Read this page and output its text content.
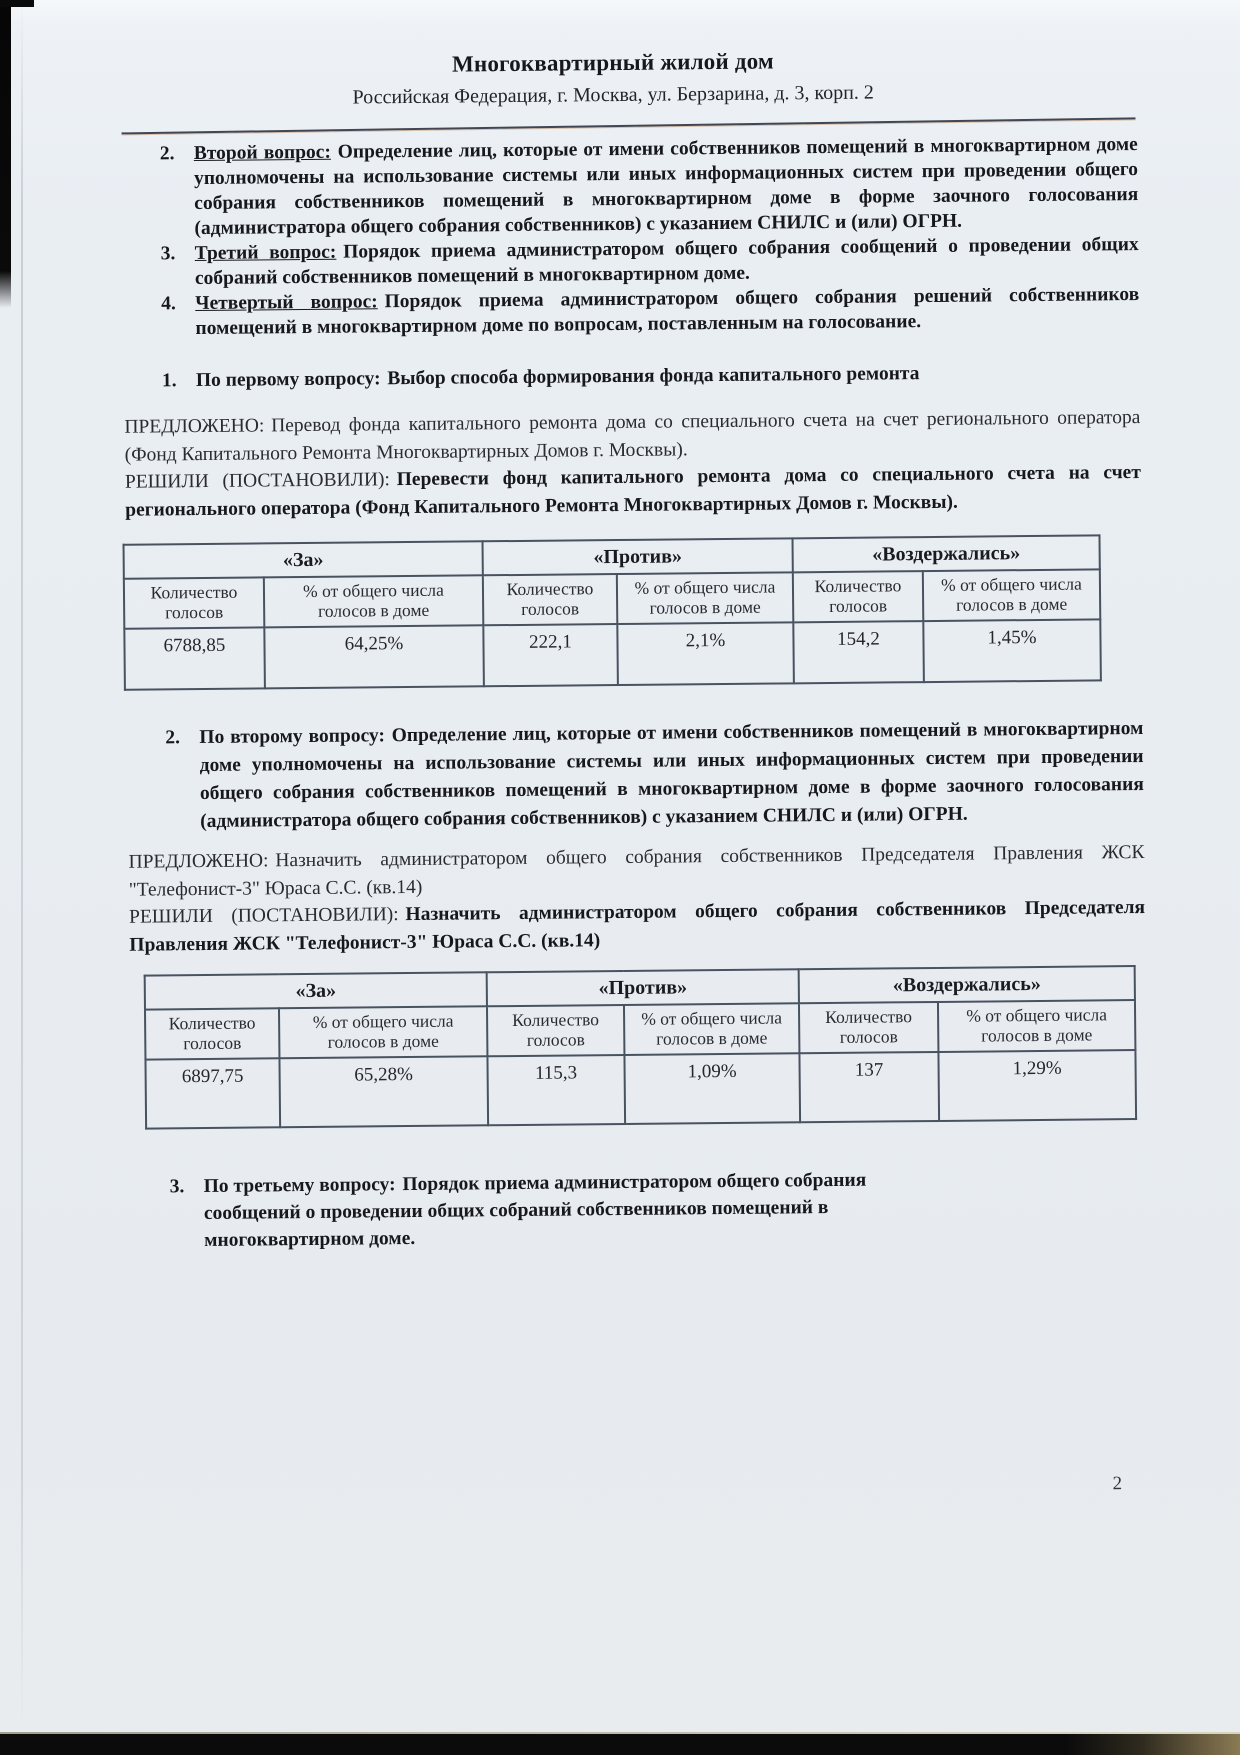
Многоквартирный жилой дом
Российская Федерация, г. Москва, ул. Берзарина, д. 3, корп. 2
2. Второй вопрос: Определение лиц, которые от имени собственников помещений в многоквартирном доме уполномочены на использование системы или иных информационных систем при проведении общего собрания собственников помещений в многоквартирном доме в форме заочного голосования (администратора общего собрания собственников) с указанием СНИЛС и (или) ОГРН.
3. Третий вопрос: Порядок приема администратором общего собрания сообщений о проведении общих собраний собственников помещений в многоквартирном доме.
4. Четвертый вопрос: Порядок приема администратором общего собрания решений собственников помещений в многоквартирном доме по вопросам, поставленным на голосование.
1. По первому вопросу: Выбор способа формирования фонда капитального ремонта
ПРЕДЛОЖЕНО: Перевод фонда капитального ремонта дома со специального счета на счет регионального оператора (Фонд Капитального Ремонта Многоквартирных Домов г. Москвы).
РЕШИЛИ (ПОСТАНОВИЛИ): Перевести фонд капитального ремонта дома со специального счета на счет регионального оператора (Фонд Капитального Ремонта Многоквартирных Домов г. Москвы).
«За»		«Против»		«Воздержались»	
Количество голосов	% от общего числа голосов в доме	Количество голосов	% от общего числа голосов в доме	Количество голосов	% от общего числа голосов в доме
6788,85	64,25%	222,1	2,1%	154,2	1,45%
2. По второму вопросу: Определение лиц, которые от имени собственников помещений в многоквартирном доме уполномочены на использование системы или иных информационных систем при проведении общего собрания собственников помещений в многоквартирном доме в форме заочного голосования (администратора общего собрания собственников) с указанием СНИЛС и (или) ОГРН.
ПРЕДЛОЖЕНО: Назначить администратором общего собрания собственников Председателя Правления ЖСК "Телефонист-3" Юраса С.С. (кв.14)
РЕШИЛИ (ПОСТАНОВИЛИ): Назначить администратором общего собрания собственников Председателя Правления ЖСК "Телефонист-3" Юраса С.С. (кв.14)
«За»		«Против»		«Воздержались»	
Количество голосов	% от общего числа голосов в доме	Количество голосов	% от общего числа голосов в доме	Количество голосов	% от общего числа голосов в доме
6897,75	65,28%	115,3	1,09%	137	1,29%
3. По третьему вопросу: Порядок приема администратором общего собрания сообщений о проведении общих собраний собственников помещений в многоквартирном доме.
2
